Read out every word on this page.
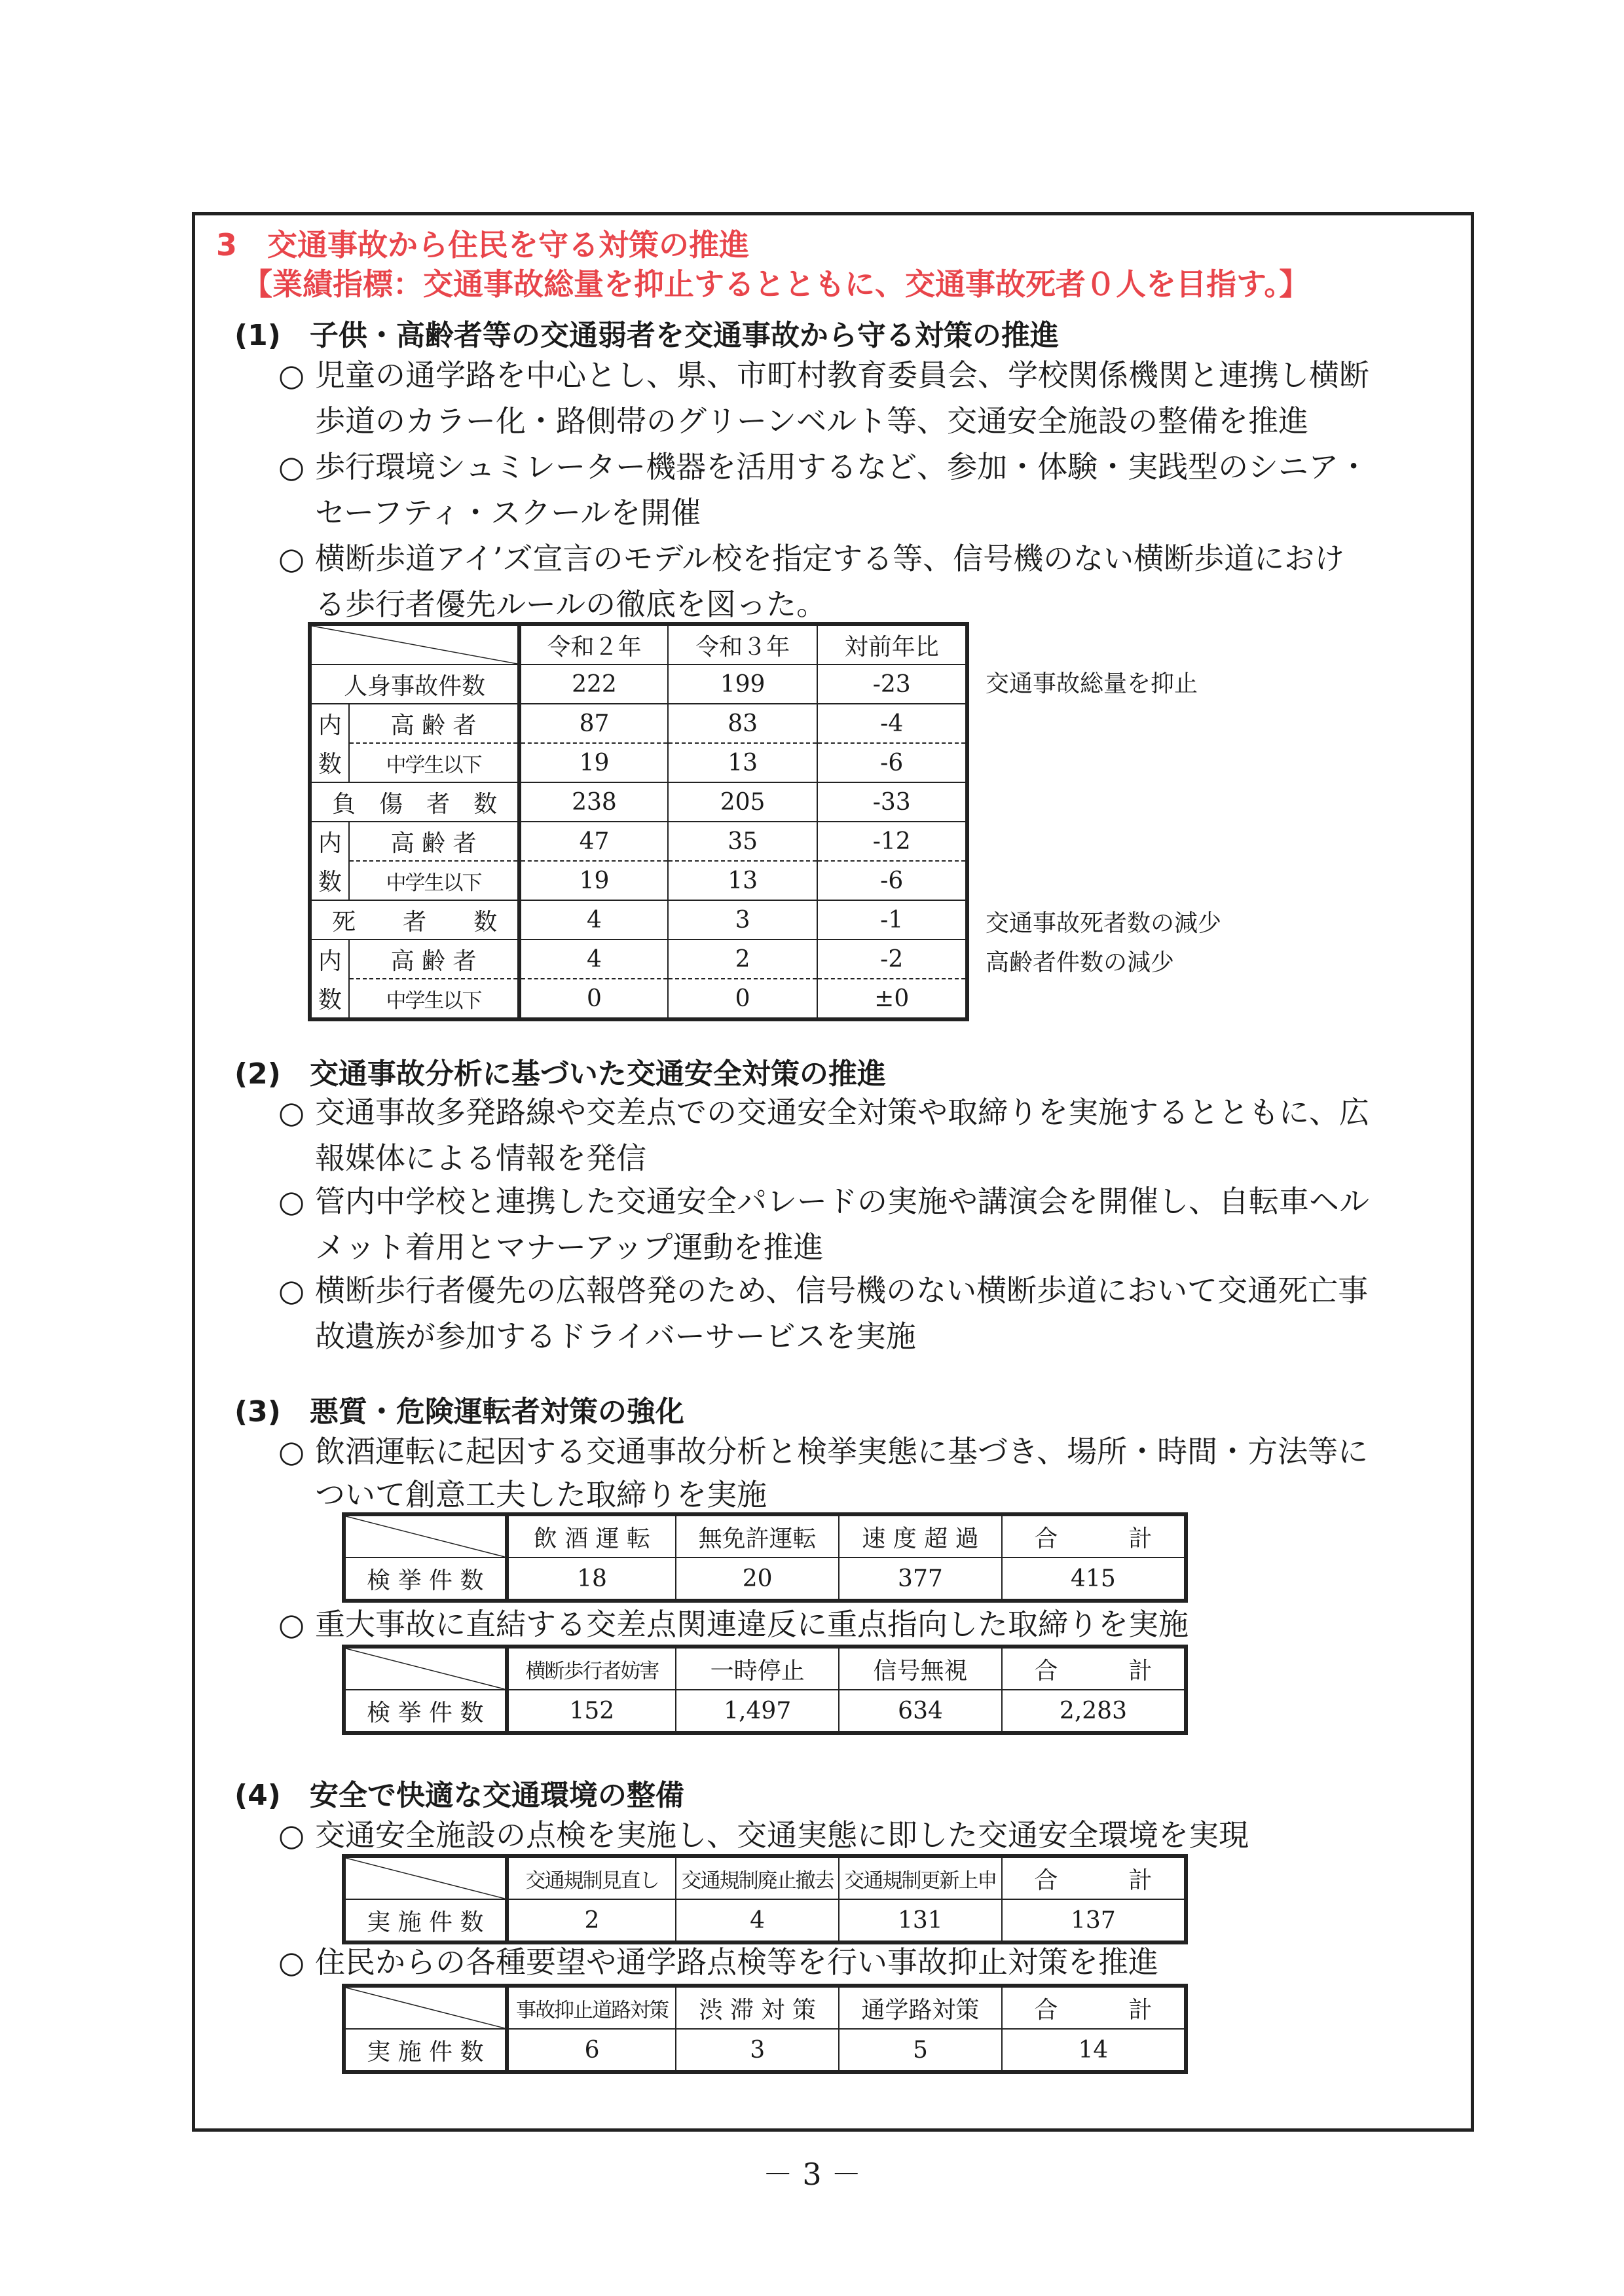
3　交通事故から住民を守る対策の推進
【業績指標：交通事故総量を抑止するとともに、交通事故死者０人を目指す。】
(1)　子供・高齢者等の交通弱者を交通事故から守る対策の推進
○ 児童の通学路を中心とし、県、市町村教育委員会、学校関係機関と連携し横断
歩道のカラー化・路側帯のグリーンベルト等、交通安全施設の整備を推進
○ 歩行環境シュミレーター機器を活用するなど、参加・体験・実践型のシニア・
セーフティ・スクールを開催
○ 横断歩道アイ’ズ宣言のモデル校を指定する等、信号機のない横断歩道におけ
る歩行者優先ルールの徹底を図った。
	令和２年	令和３年	対前年比
人身事故件数		222	199	-23
内	高 齢 者	87	83	-4
数	中学生以下	19	13	-6
負　傷　者　数		238	205	-33
内	高 齢 者	47	35	-12
数	中学生以下	19	13	-6
死　　者　　数		4	3	-1
内	高 齢 者	4	2	-2
数	中学生以下	0	0	±0
交通事故総量を抑止
交通事故死者数の減少
高齢者件数の減少
(2)　交通事故分析に基づいた交通安全対策の推進
○ 交通事故多発路線や交差点での交通安全対策や取締りを実施するとともに、広
報媒体による情報を発信
○ 管内中学校と連携した交通安全パレードの実施や講演会を開催し、自転車ヘル
メット着用とマナーアップ運動を推進
○ 横断歩行者優先の広報啓発のため、信号機のない横断歩道において交通死亡事
故遺族が参加するドライバーサービスを実施
(3)　悪質・危険運転者対策の強化
○ 飲酒運転に起因する交通事故分析と検挙実態に基づき、場所・時間・方法等に
ついて創意工夫した取締りを実施
	飲 酒 運 転	無免許運転	速 度 超 過	合　　　計
検 挙 件 数	18	20	377	415
○ 重大事故に直結する交差点関連違反に重点指向した取締りを実施
	横断歩行者妨害	一時停止	信号無視	合　　　計
検 挙 件 数	152	1,497	634	2,283
(4)　安全で快適な交通環境の整備
○ 交通安全施設の点検を実施し、交通実態に即した交通安全環境を実現
	交通規制見直し	交通規制廃止撤去	交通規制更新上申	合　　　計
実 施 件 数	2	4	131	137
○ 住民からの各種要望や通学路点検等を行い事故抑止対策を推進
	事故抑止道路対策	渋 滞 対 策	通学路対策	合　　　計
実 施 件 数	6	3	5	14
－ 3 －
